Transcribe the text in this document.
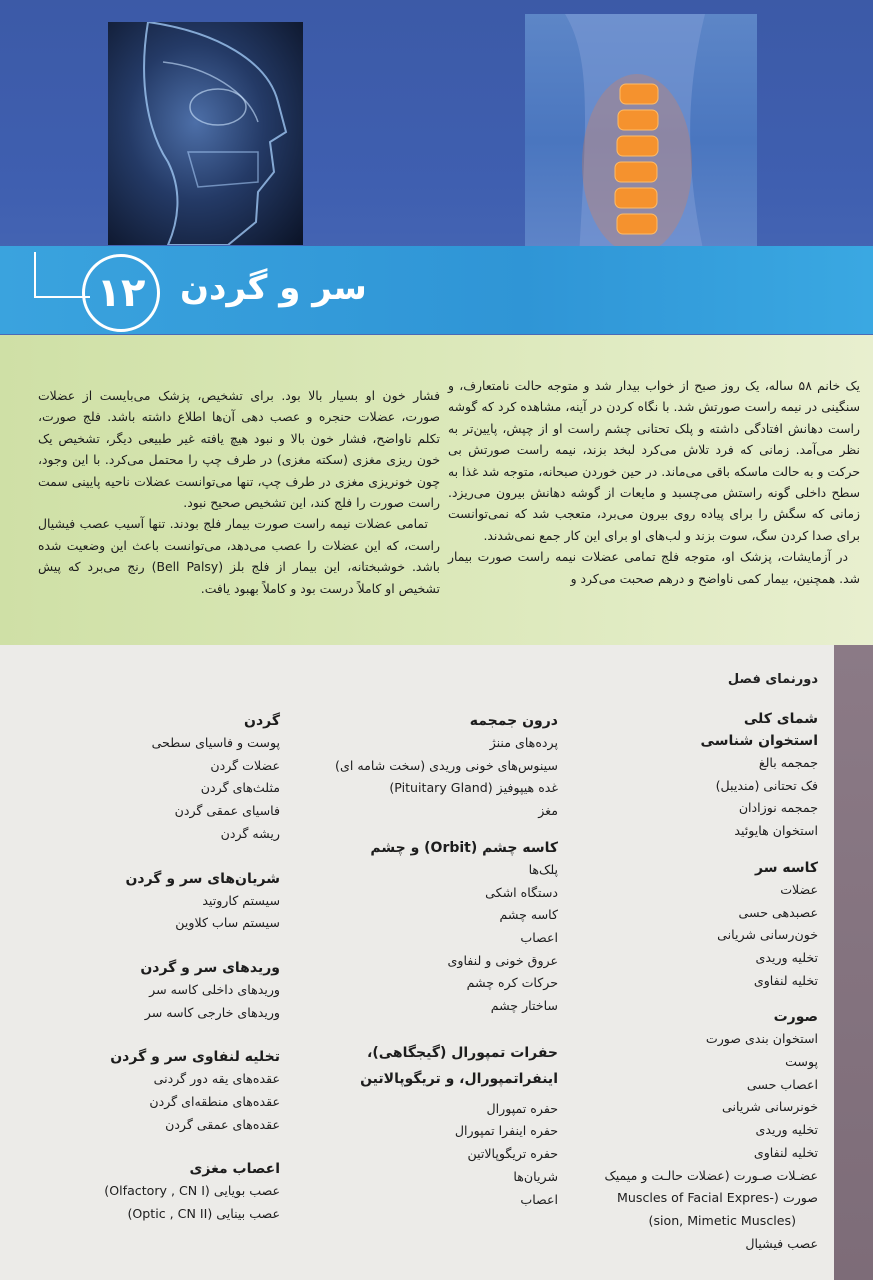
۱۲	سر و گردن

یک خانم ۵۸ ساله، یک روز صبح از خواب بیدار شد و متوجه حالت نامتعارف، و سنگینی در نیمه راست صورتش شد. با نگاه کردن در آینه، مشاهده کرد که گوشه راست دهانش افتادگی داشته و پلک تحتانی چشم راست او از چپش، پایین‌تر به نظر می‌آمد. زمانی که فرد تلاش می‌کرد لبخد بزند، نیمه راست صورتش بی حرکت و به حالت ماسکه باقی می‌ماند. در حین خوردن صبحانه، متوجه شد غذا به سطح داخلی گونه راستش می‌چسبد و مایعات از گوشه دهانش بیرون می‌ریزد. زمانی که سگش را برای پیاده روی بیرون می‌برد، متعجب شد که نمی‌توانست برای صدا کردن سگ، سوت بزند و لب‌های او برای این کار جمع نمی‌شدند.

در آزمایشات، پزشک او، متوجه فلج تمامی عضلات نیمه راست صورت بیمار شد. همچنین، بیمار کمی ناواضح و درهم صحبت می‌کرد و

فشار خون او بسیار بالا بود. برای تشخیص، پزشک می‌بایست از عضلات صورت، عضلات حنجره و عصب دهی آن‌ها اطلاع داشته باشد. فلج صورت، تکلم ناواضح، فشار خون بالا و نبود هیچ یافته غیر طبیعی دیگر، تشخیص یک خون ریزی مغزی (سکته مغزی) در طرف چپ را محتمل می‌کرد. با این وجود، چون خونریزی مغزی در طرف چپ، تنها می‌توانست عضلات ناحیه پایینی سمت راست صورت را فلج کند، این تشخیص صحیح نبود.

تمامی عضلات نیمه راست صورت بیمار فلج بودند. تنها آسیب عصب فیشیال راست، که این عضلات را عصب می‌دهد، می‌توانست باعث این وضعیت شده باشد. خوشبختانه، این بیمار از فلج بلز (Bell Palsy) رنج می‌برد که پیش تشخیص او کاملاً درست بود و کاملاً بهبود یافت.

دورنمای فصل

شمای کلی
استخوان شناسی

جمجمه بالغ

فک تحتانی (مندیبل)

جمجمه نوزادان

استخوان هایوئید

کاسه سر

عضلات

عصبدهی حسی

خون‌رسانی شریانی

تخلیه وریدی

تخلیه لنفاوی

صورت

استخوان بندی صورت

پوست

اعصاب حسی

خونرسانی شریانی

تخلیه وریدی

تخلیه لنفاوی

عضـلات صـورت (عضلات حالـت و میمیک

صورت (-Muscles of Facial Expres

(sion, Mimetic Muscles)

عصب فیشیال

درون جمجمه

پرده‌های مننژ

سینوس‌های خونی وریدی (سخت شامه ای)

غده هیپوفیز (Pituitary Gland)

مغز

کاسه چشم (Orbit) و چشم

پلک‌ها

دستگاه اشکی

کاسه چشم

اعصاب

عروق خونی و لنفاوی

حرکات کره چشم

ساختار چشم

حفرات تمپورال (گیجگاهی)،
اینفراتمپورال، و تریگوپالاتین

حفره تمپورال

حفره اینفرا تمپورال

حفره تریگوپالاتین

شریان‌ها

اعصاب

گردن

پوست و فاسیای سطحی

عضلات گردن

مثلث‌های گردن

فاسیای عمقی گردن

ریشه گردن

شریان‌های سر و گردن

سیستم کاروتید

سیستم ساب کلاوین

وریدهای سر و گردن

وریدهای داخلی کاسه سر

وریدهای خارجی کاسه سر

تخلیه لنفاوی سر و گردن

عقده‌های یقه دور گردنی

عقده‌های منطقه‌ای گردن

عقده‌های عمقی گردن

اعصاب مغزی

عصب بویایی (Olfactory , CN I)

عصب بینایی (Optic , CN II)
